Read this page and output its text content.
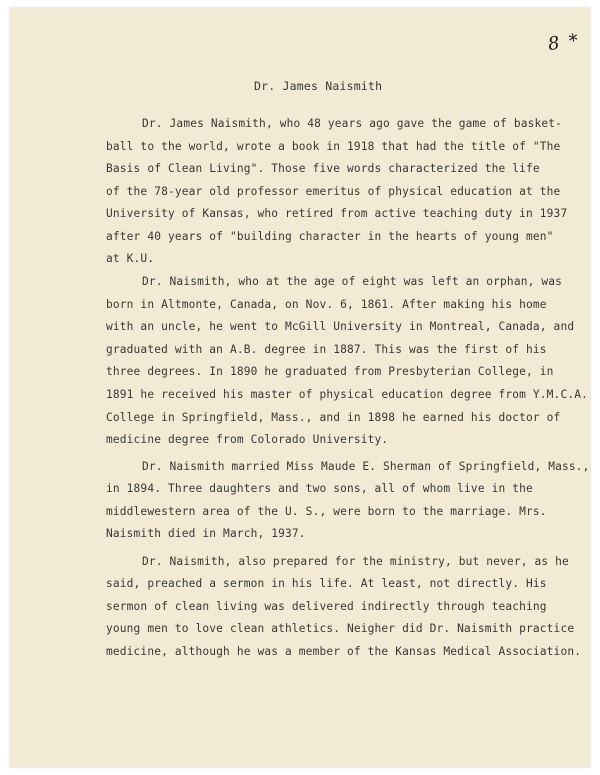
8 *
Dr. James Naismith
Dr. James Naismith, who 48 years ago gave the game of basket-
ball to the world, wrote a book in 1918 that had the title of "The
Basis of Clean Living". Those five words characterized the life
of the 78-year old professor emeritus of physical education at the
University of Kansas, who retired from active teaching duty in 1937
after 40 years of "building character in the hearts of young men"
at K.U.
Dr. Naismith, who at the age of eight was left an orphan, was
born in Altmonte, Canada, on Nov. 6, 1861. After making his home
with an uncle, he went to McGill University in Montreal, Canada, and
graduated with an A.B. degree in 1887. This was the first of his
three degrees. In 1890 he graduated from Presbyterian College, in
1891 he received his master of physical education degree from Y.M.C.A.
College in Springfield, Mass., and in 1898 he earned his doctor of
medicine degree from Colorado University.
Dr. Naismith married Miss Maude E. Sherman of Springfield, Mass.,
in 1894. Three daughters and two sons, all of whom live in the
middlewestern area of the U. S., were born to the marriage. Mrs.
Naismith died in March, 1937.
Dr. Naismith, also prepared for the ministry, but never, as he
said, preached a sermon in his life. At least, not directly. His
sermon of clean living was delivered indirectly through teaching
young men to love clean athletics. Neigher did Dr. Naismith practice
medicine, although he was a member of the Kansas Medical Association.
